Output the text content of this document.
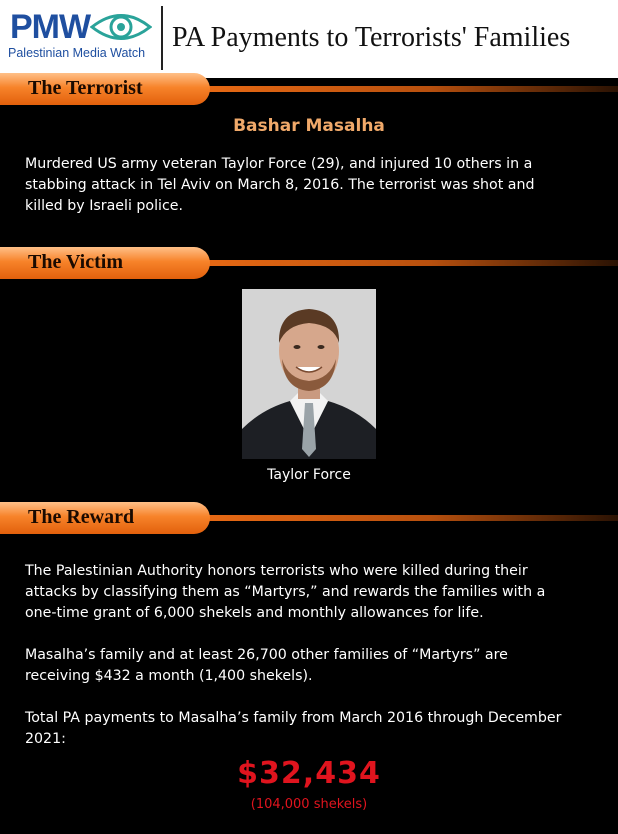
PMW
Palestinian Media Watch PA Payments to Terrorists' Families
The Terrorist
Bashar Masalha
Murdered US army veteran Taylor Force (29), and injured 10 others in a
stabbing attack in Tel Aviv on March 8, 2016. The terrorist was shot and
killed by Israeli police.
The Victim
Taylor Force
The Reward
The Palestinian Authority honors terrorists who were killed during their
attacks by classifying them as “Martyrs,” and rewards the families with a
one-time grant of 6,000 shekels and monthly allowances for life.
Masalha’s family and at least 26,700 other families of “Martyrs” are
receiving $432 a month (1,400 shekels).
Total PA payments to Masalha’s family from March 2016 through December
2021:
$32,434
(104,000 shekels)
